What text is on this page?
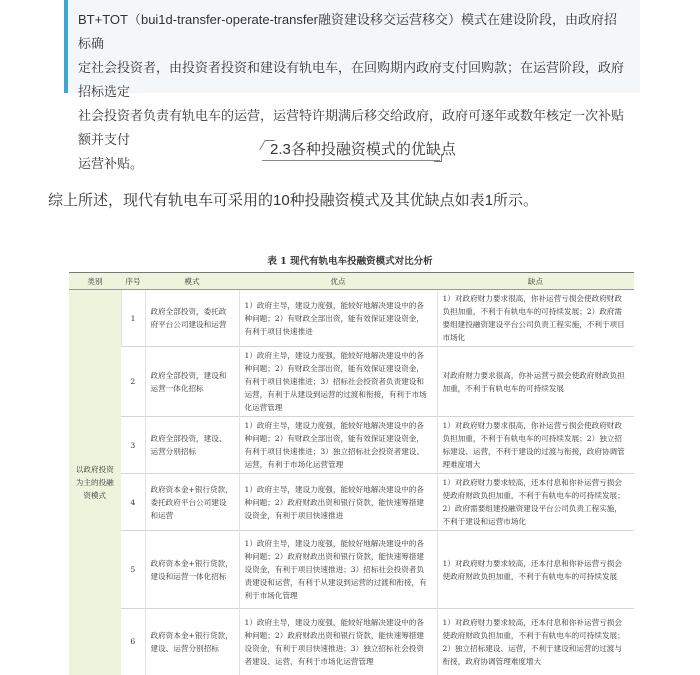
BT+TOT（bui1d-transfer-operate-transfer融资建设移交运营移交）模式在建设阶段，由政府招标确

定社会投资者，由投资者投资和建设有轨电车，在回购期内政府支付回购款；在运营阶段，政府招标选定

社会投资者负责有轨电车的运营，运营特许期满后移交给政府，政府可逐年或数年核定一次补贴额并支付

运营补贴。

2.3各种投融资模式的优缺点

综上所述，现代有轨电车可采用的10种投融资模式及其优缺点如表1所示。

表 1 现代有轨电车投融资模式对比分析
类别	序号	模式	优点	缺点
以政府投资为主的投融资模式	1	政府全部投资，委托政府平台公司建设和运营	1）政府主导，建设力度强，能较好地解决建设中的各种问题；2）有财政全部出资，能有效保证建设资金，有利于项目快速推进	1）对政府财力要求很高，你补运营亏损会使政府财政负担加重，不利于有轨电车的可持续发展；2）政府需要组建投融资建设平台公司负责工程实施，不利于项目市场化
	2	政府全部投资，建设和运营一体化招标	1）政府主导，建设力度强，能较好地解决建设中的各种问题；2）有财政全部出资，能有效保证建设资金，有利于项目快速推进；3）招标社会投资者负责建设和运营，有利于从建设到运营的过渡和衔接，有利于市场化运营管理	对政府财力要求很高，你补运营亏损会使政府财政负担加重，不利于有轨电车的可持续发展
	3	政府全部投资，建设、运营分别招标	1）政府主导，建设力度强，能较好地解决建设中的各种问题；2）有财政全部出资，能有效保证建设资金，有利于项目快速推进；3）独立招标社会投资者建设、运营，有利于市场化运营管理	1）对政府财力要求很高，你补运营亏损会使政府财政负担加重，不利于有轨电车的可持续发展；2）独立招标建设、运营，不利于建设的过渡与衔接，政府协调管理难度增大
	4	政府资本金+银行贷款，委托政府平台公司建设和运营	1）政府主导，建设力度强，能较好地解决建设中的各种问题；2）政府财政出资和银行贷款，能快速筹措建设资金，有利于项目快速推进	1）对政府财力要求较高，还本付息和你补运营亏损会使政府财政负担加重，不利于有轨电车的可持续发展；2）政府需要组建投融资建设平台公司负责工程实施，不利于建设和运营市场化
	5	政府资本金+银行贷款，建设和运营一体化招标	1）政府主导，建设力度强，能较好地解决建设中的各种问题；2）政府财政出资和银行贷款，能快速筹措建设资金，有利于项目快速推进；3）招标社会投资者负责建设和运营，有利于从建设到运营的过渡和衔接，有利于市场化管理	1）对政府财力要求较高，还本付息和你补运营亏损会使政府财政负担加重，不利于有轨电车的可持续发展
	6	政府资本金+银行贷款，建设、运营分别招标	1）政府主导，建设力度强，能较好地解决建设中的各种问题；2）政府财政出资和银行贷款，能快速筹措建设资金，有利于项目快速推进；3）独立招标社会投资者建设、运营，有利于市场化运营管理	1）对政府财力要求较高，还本付息和你补运营亏损会使政府财政负担加重，不利于有轨电车的可持续发展；2）独立招标建设、运营，不利于建设和运营的过渡与衔接，政府协调管理难度增大
